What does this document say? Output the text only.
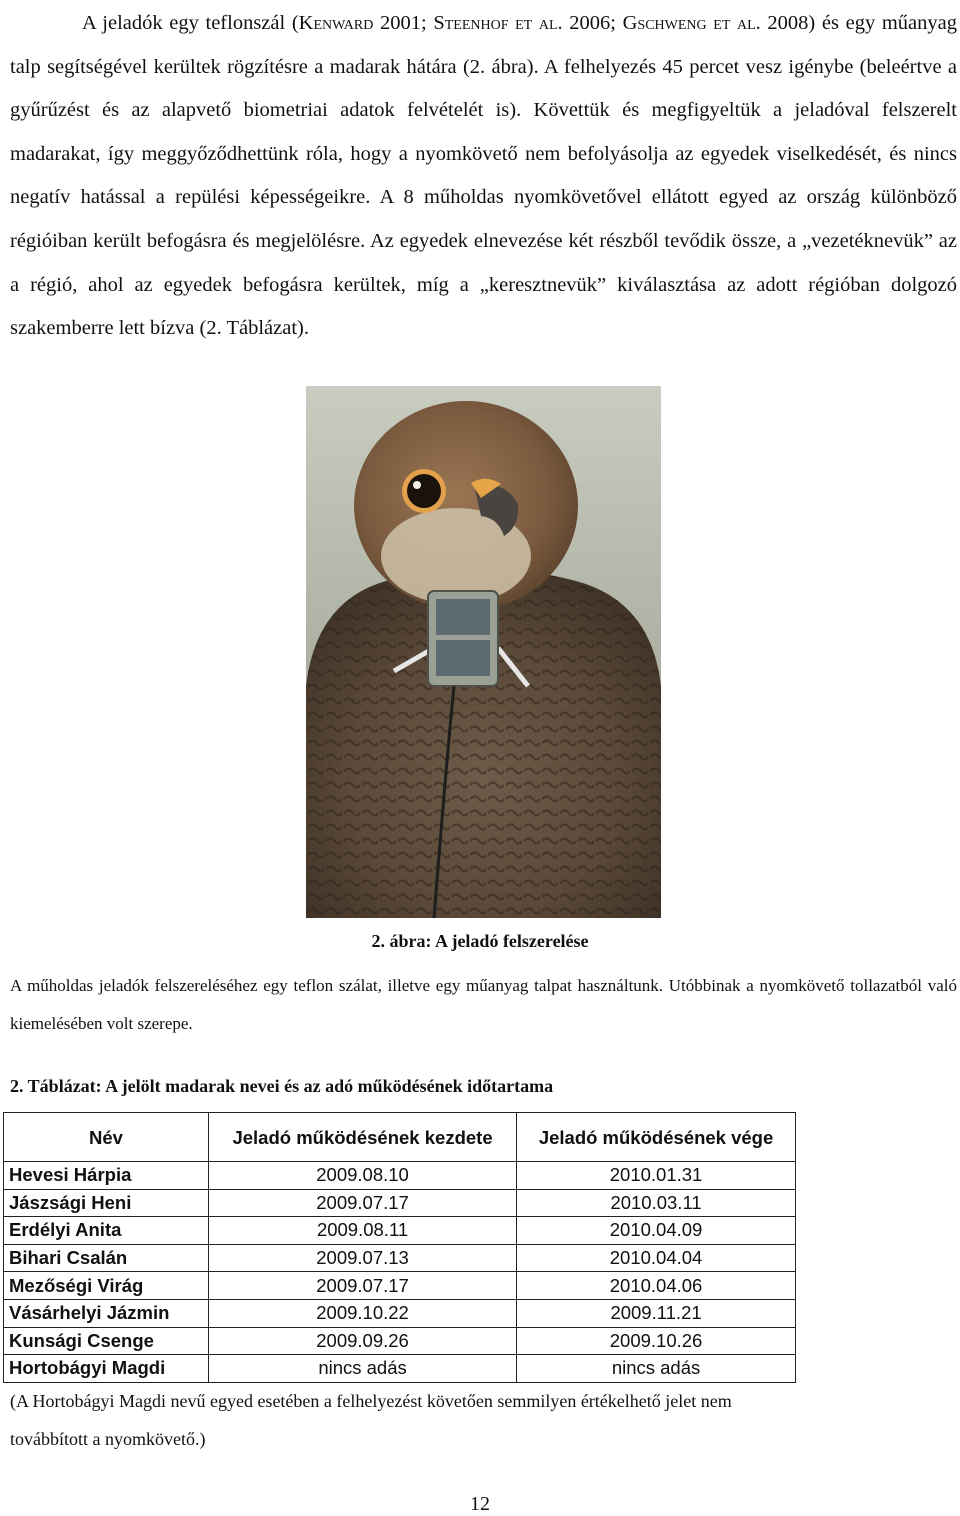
A jeladók egy teflonszál (Kenward 2001; Steenhof et al. 2006; Gschweng et al. 2008) és egy műanyag talp segítségével kerültek rögzítésre a madarak hátára (2. ábra). A felhelyezés 45 percet vesz igénybe (beleértve a gyűrűzést és az alapvető biometriai adatok felvételét is). Követtük és megfigyeltük a jeladóval felszerelt madarakat, így meggyőződhettünk róla, hogy a nyomkövető nem befolyásolja az egyedek viselkedését, és nincs negatív hatással a repülési képességeikre. A 8 műholdas nyomkövetővel ellátott egyed az ország különböző régióiban került befogásra és megjelölésre. Az egyedek elnevezése két részből tevődik össze, a „vezetéknevük” az a régió, ahol az egyedek befogásra kerültek, míg a „keresztnevük” kiválasztása az adott régióban dolgozó szakemberre lett bízva (2. Táblázat).

2. ábra: A jeladó felszerelése

A műholdas jeladók felszereléséhez egy teflon szálat, illetve egy műanyag talpat használtunk. Utóbbinak a nyomkövető tollazatból való kiemelésében volt szerepe.

2. Táblázat: A jelölt madarak nevei és az adó működésének időtartama
Név	Jeladó működésének kezdete	Jeladó működésének vége
Hevesi Hárpia	2009.08.10	2010.01.31
Jászsági Heni	2009.07.17	2010.03.11
Erdélyi Anita	2009.08.11	2010.04.09
Bihari Csalán	2009.07.13	2010.04.04
Mezőségi Virág	2009.07.17	2010.04.06
Vásárhelyi Jázmin	2009.10.22	2009.11.21
Kunsági Csenge	2009.09.26	2009.10.26
Hortobágyi Magdi	nincs adás	nincs adás

(A Hortobágyi Magdi nevű egyed esetében a felhelyezést követően semmilyen értékelhető jelet nem továbbított a nyomkövető.)

12
